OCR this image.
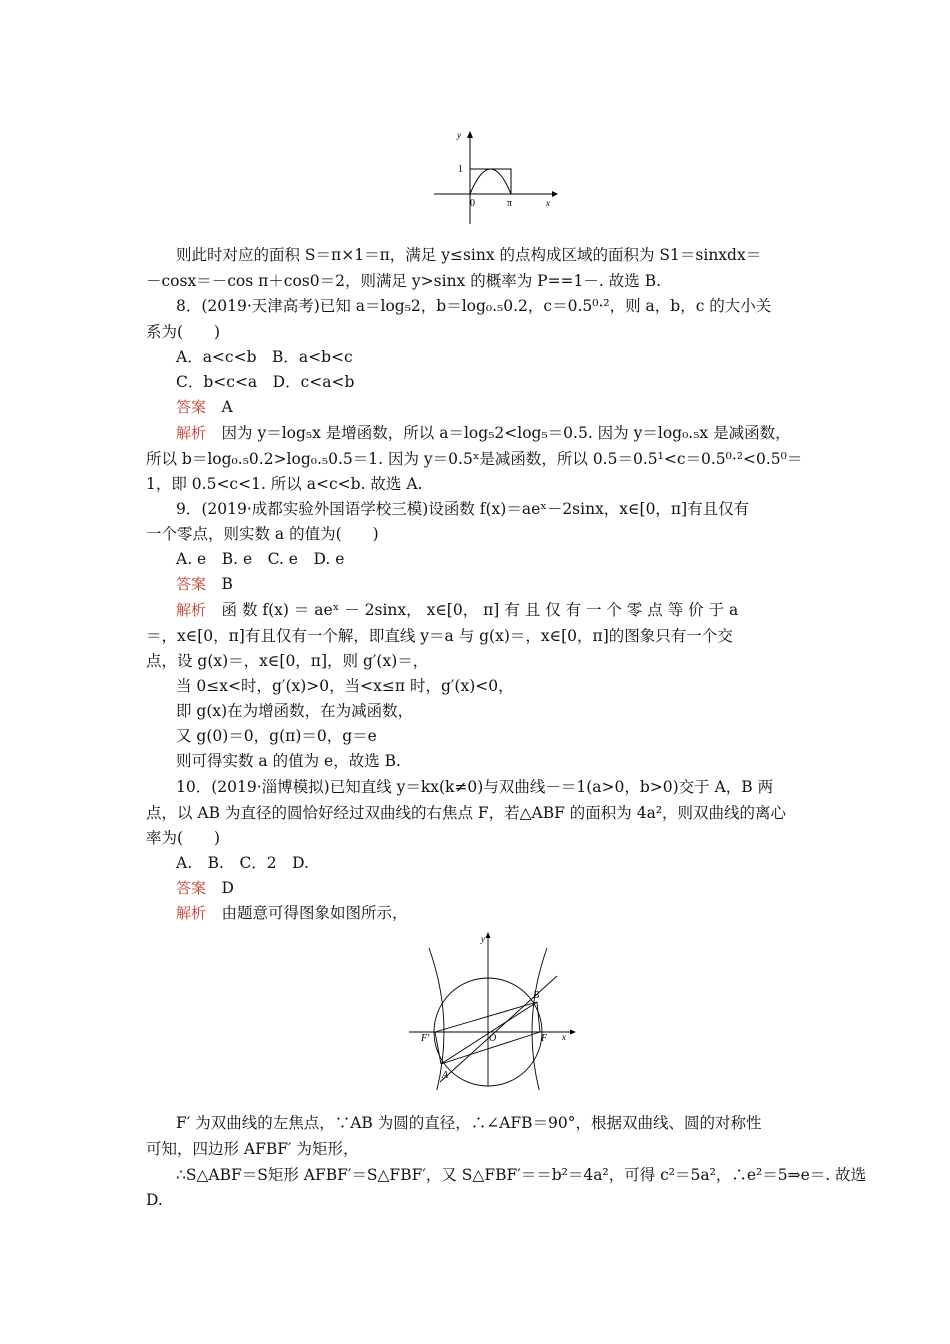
y
1
0	π	x
则此时对应的面积 S＝π×1＝π，满足 y≤sinx 的点构成区域的面积为 S1＝sinxdx＝
－cosx＝－cos π＋cos0＝2，则满足 y>sinx 的概率为 P==1－. 故选 B.
8．(2019·天津高考)已知 a＝log₅2，b＝log₀.₅0.2，c＝0.5⁰·²，则 a，b，c 的大小关
系为(　　)
A．a<c<b　B．a<b<c
C．b<c<a　D．c<a<b
答案　 A
解析　 因为 y＝log₅x 是增函数，所以 a＝log₅2<log₅＝0.5. 因为 y＝log₀.₅x 是减函数，
所以 b＝log₀.₅0.2>log₀.₅0.5＝1. 因为 y＝0.5ˣ是减函数，所以 0.5＝0.5¹<c＝0.5⁰·²<0.5⁰＝
1，即 0.5<c<1. 所以 a<c<b. 故选 A.
9．(2019·成都实验外国语学校三模)设函数 f(x)＝aeˣ－2sinx，x∈[0，π]有且仅有
一个零点，则实数 a 的值为(　　)
A. e　B. e　C. e　D. e
答案　 B
解析　 函 数 f(x) ＝ aeˣ － 2sinx， x∈[0， π] 有 且 仅 有 一 个 零 点 等 价 于 a
＝，x∈[0，π]有且仅有一个解，即直线 y＝a 与 g(x)＝，x∈[0，π]的图象只有一个交
点，设 g(x)＝，x∈[0，π]，则 g′(x)＝，
当 0≤x<时，g′(x)>0，当<x≤π 时，g′(x)<0，
即 g(x)在为增函数，在为减函数，
又 g(0)＝0，g(π)＝0，g＝e
则可得实数 a 的值为 e，故选 B.
10．(2019·淄博模拟)已知直线 y＝kx(k≠0)与双曲线－＝1(a>0，b>0)交于 A，B 两
点，以 AB 为直径的圆恰好经过双曲线的右焦点 F，若△ABF 的面积为 4a²，则双曲线的离心
率为(　　)
A.　B.　C．2　D.
答案　 D
解析　 由题意可得图象如图所示，
y
x
B
A
O	F
F′
F′ 为双曲线的左焦点，∵AB 为圆的直径，∴∠AFB＝90°，根据双曲线、圆的对称性
可知，四边形 AFBF′ 为矩形，
∴S△ABF＝S矩形 AFBF′＝S△FBF′，又 S△FBF′＝＝b²＝4a²，可得 c²＝5a²，∴e²＝5⇒e＝. 故选
D.
